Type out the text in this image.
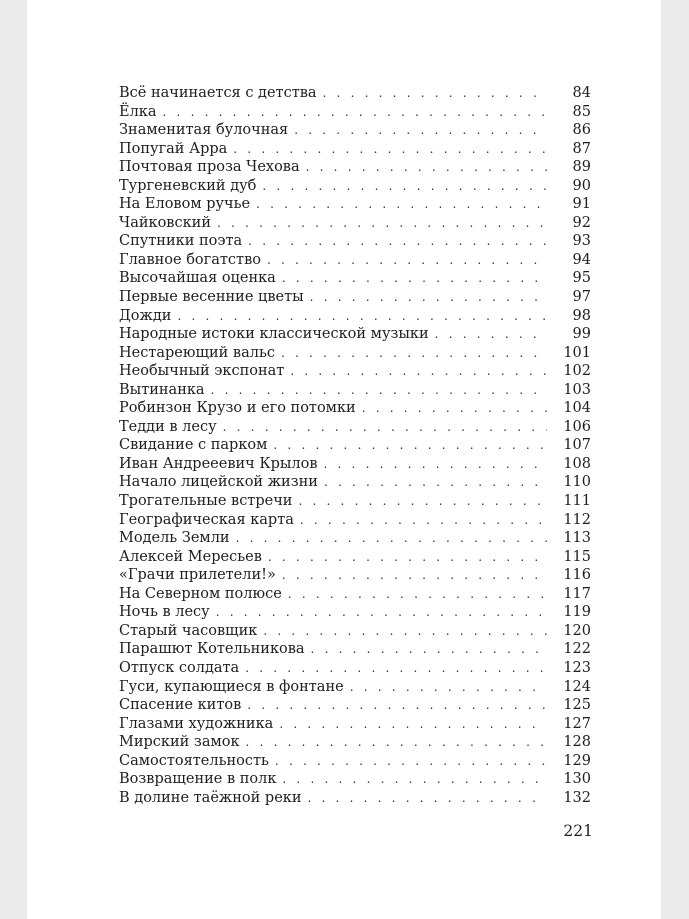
Всё начинается с детства . . .	84
Ёлка . . .	85
Знаменитая булочная . . .	86
Попугай Арра . . .	87
Почтовая проза Чехова . . .	89
Тургеневский дуб . . .	90
На Еловом ручье . . .	91
Чайковский . . .	92
Спутники поэта . . .	93
Главное богатство . . .	94
Высочайшая оценка . . .	95
Первые весенние цветы . . .	97
Дожди . . .	98
Народные истоки классической музыки . . .	99
Нестареющий вальс . . .	101
Необычный экспонат . . .	102
Вытинанка . . .	103
Робинзон Крузо и его потомки . . .	104
Тедди в лесу . . .	106
Свидание с парком . . .	107
Иван Андрееевич Крылов . . .	108
Начало лицейской жизни . . .	110
Трогательные встречи . . .	111
Географическая карта . . .	112
Модель Земли . . .	113
Алексей Мересьев . . .	115
«Грачи прилетели!» . . .	116
На Северном полюсе . . .	117
Ночь в лесу . . .	119
Старый часовщик . . .	120
Парашют Котельникова . . .	122
Отпуск солдата . . .	123
Гуси, купающиеся в фонтане . . .	124
Спасение китов . . .	125
Глазами художника . . .	127
Мирский замок . . .	128
Самостоятельность . . .	129
Возвращение в полк . . .	130
В долине таёжной реки . . .	132
221
